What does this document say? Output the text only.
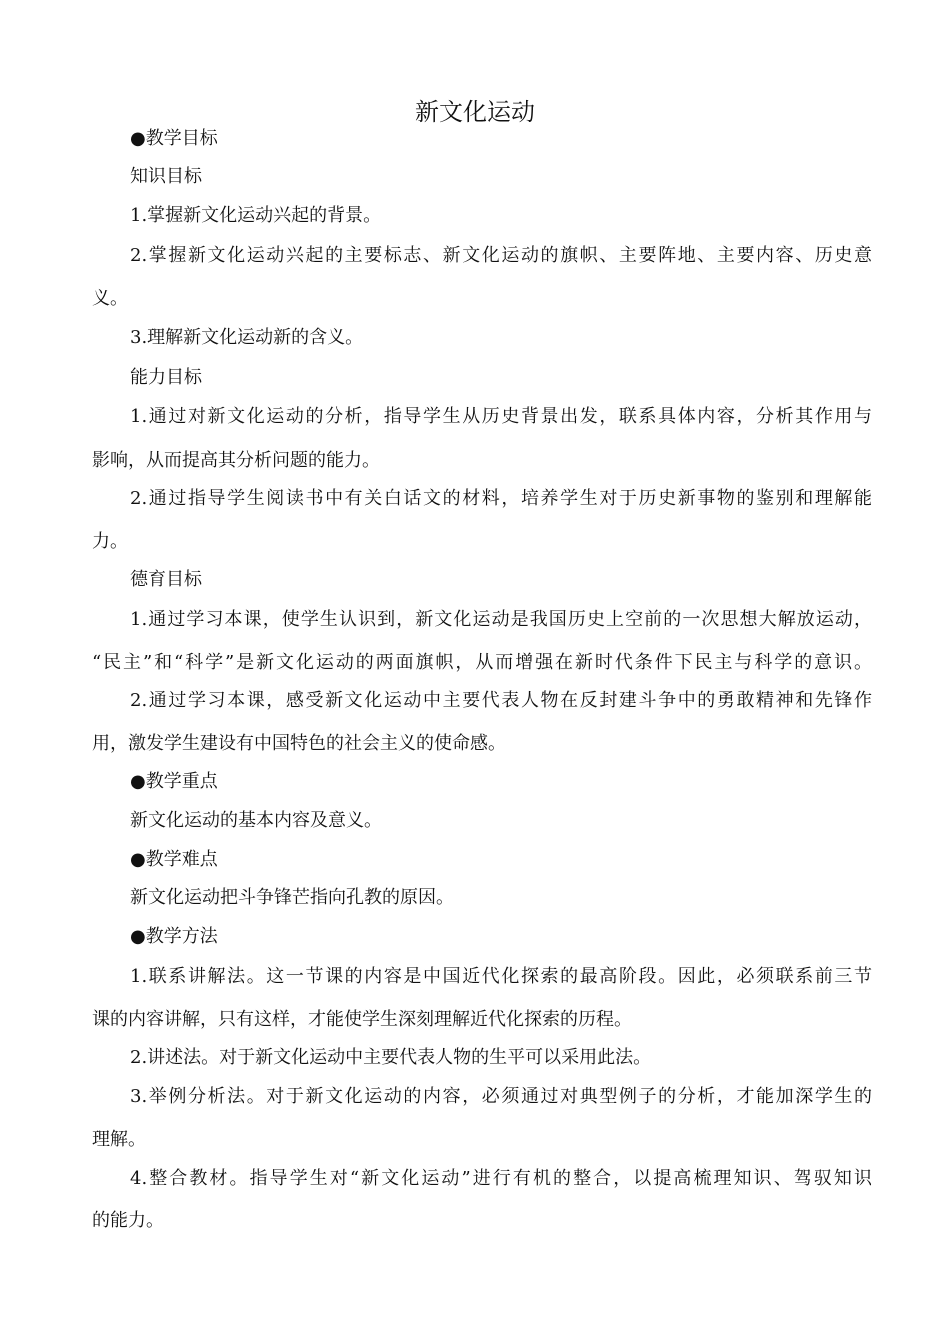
新文化运动
●教学目标
知识目标
1.掌握新文化运动兴起的背景。
2.掌握新文化运动兴起的主要标志、新文化运动的旗帜、主要阵地、主要内容、历史意
义。
3.理解新文化运动新的含义。
能力目标
1.通过对新文化运动的分析，指导学生从历史背景出发，联系具体内容，分析其作用与
影响，从而提高其分析问题的能力。
2.通过指导学生阅读书中有关白话文的材料，培养学生对于历史新事物的鉴别和理解能
力。
德育目标
1.通过学习本课，使学生认识到，新文化运动是我国历史上空前的一次思想大解放运动，
“民主”和“科学”是新文化运动的两面旗帜，从而增强在新时代条件下民主与科学的意识。
2.通过学习本课，感受新文化运动中主要代表人物在反封建斗争中的勇敢精神和先锋作
用，激发学生建设有中国特色的社会主义的使命感。
●教学重点
新文化运动的基本内容及意义。
●教学难点
新文化运动把斗争锋芒指向孔教的原因。
●教学方法
1.联系讲解法。这一节课的内容是中国近代化探索的最高阶段。因此，必须联系前三节
课的内容讲解，只有这样，才能使学生深刻理解近代化探索的历程。
2.讲述法。对于新文化运动中主要代表人物的生平可以采用此法。
3.举例分析法。对于新文化运动的内容，必须通过对典型例子的分析，才能加深学生的
理解。
4.整合教材。指导学生对“新文化运动”进行有机的整合，以提高梳理知识、驾驭知识
的能力。
